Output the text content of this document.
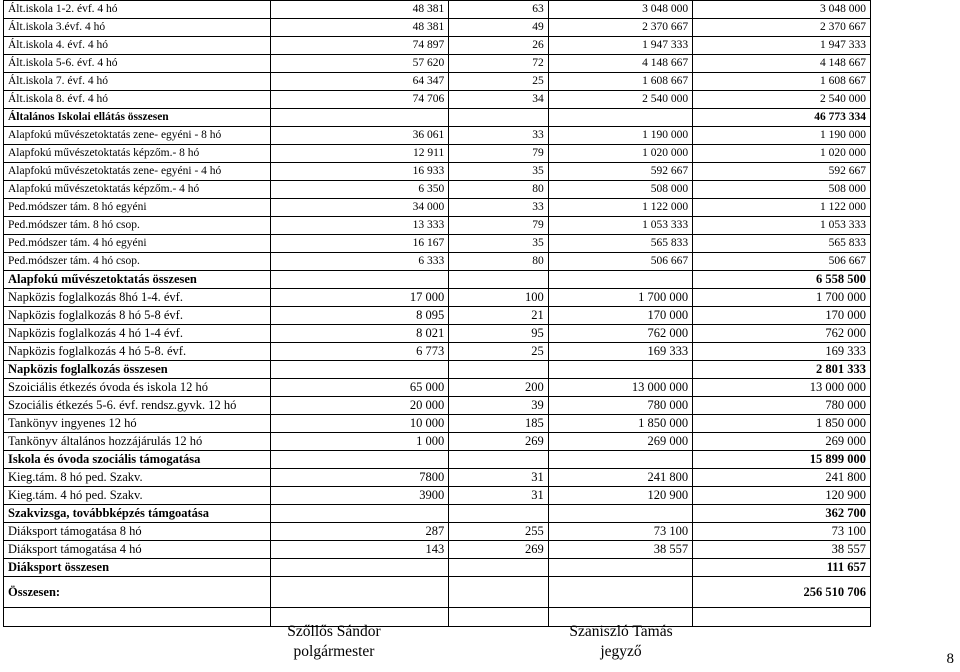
Ált.iskola 1-2. évf. 4 hó	48 381	63	3 048 000	3 048 000
Ált.iskola 3.évf. 4 hó	48 381	49	2 370 667	2 370 667
Ált.iskola 4. évf. 4 hó	74 897	26	1 947 333	1 947 333
Ált.iskola 5-6. évf. 4 hó	57 620	72	4 148 667	4 148 667
Ált.iskola 7. évf. 4 hó	64 347	25	1 608 667	1 608 667
Ált.iskola 8. évf. 4 hó	74 706	34	2 540 000	2 540 000
Általános Iskolai ellátás összesen				46 773 334
Alapfokú művészetoktatás zene- egyéni - 8 hó	36 061	33	1 190 000	1 190 000
Alapfokú művészetoktatás képzőm.- 8 hó	12 911	79	1 020 000	1 020 000
Alapfokú művészetoktatás zene- egyéni - 4 hó	16 933	35	592 667	592 667
Alapfokú művészetoktatás képzőm.- 4 hó	6 350	80	508 000	508 000
Ped.módszer tám. 8 hó egyéni	34 000	33	1 122 000	1 122 000
Ped.módszer tám. 8 hó csop.	13 333	79	1 053 333	1 053 333
Ped.módszer tám. 4 hó egyéni	16 167	35	565 833	565 833
Ped.módszer tám. 4 hó csop.	6 333	80	506 667	506 667
Alapfokú művészetoktatás összesen				6 558 500
Napközis foglalkozás 8hó 1-4. évf.	17 000	100	1 700 000	1 700 000
Napközis foglalkozás 8 hó 5-8 évf.	8 095	21	170 000	170 000
Napközis foglalkozás 4 hó 1-4 évf.	8 021	95	762 000	762 000
Napközis foglalkozás 4 hó 5-8. évf.	6 773	25	169 333	169 333
Napközis foglalkozás összesen				2 801 333
Szoiciális étkezés óvoda és iskola 12 hó	65 000	200	13 000 000	13 000 000
Szociális étkezés 5-6. évf. rendsz.gyvk. 12 hó	20 000	39	780 000	780 000
Tankönyv ingyenes 12 hó	10 000	185	1 850 000	1 850 000
Tankönyv általános hozzájárulás 12 hó	1 000	269	269 000	269 000
Iskola és óvoda szociális támogatása				15 899 000
Kieg.tám. 8 hó ped. Szakv.	7800	31	241 800	241 800
Kieg.tám. 4 hó ped. Szakv.	3900	31	120 900	120 900
Szakvizsga, továbbképzés támgoatása				362 700
Diáksport támogatása 8 hó	287	255	73 100	73 100
Diáksport támogatása 4 hó	143	269	38 557	38 557
Diáksport összesen				111 657
Összesen:				256 510 706

Szőllős Sándor
polgármester
Szaniszló Tamás
jegyző	8
